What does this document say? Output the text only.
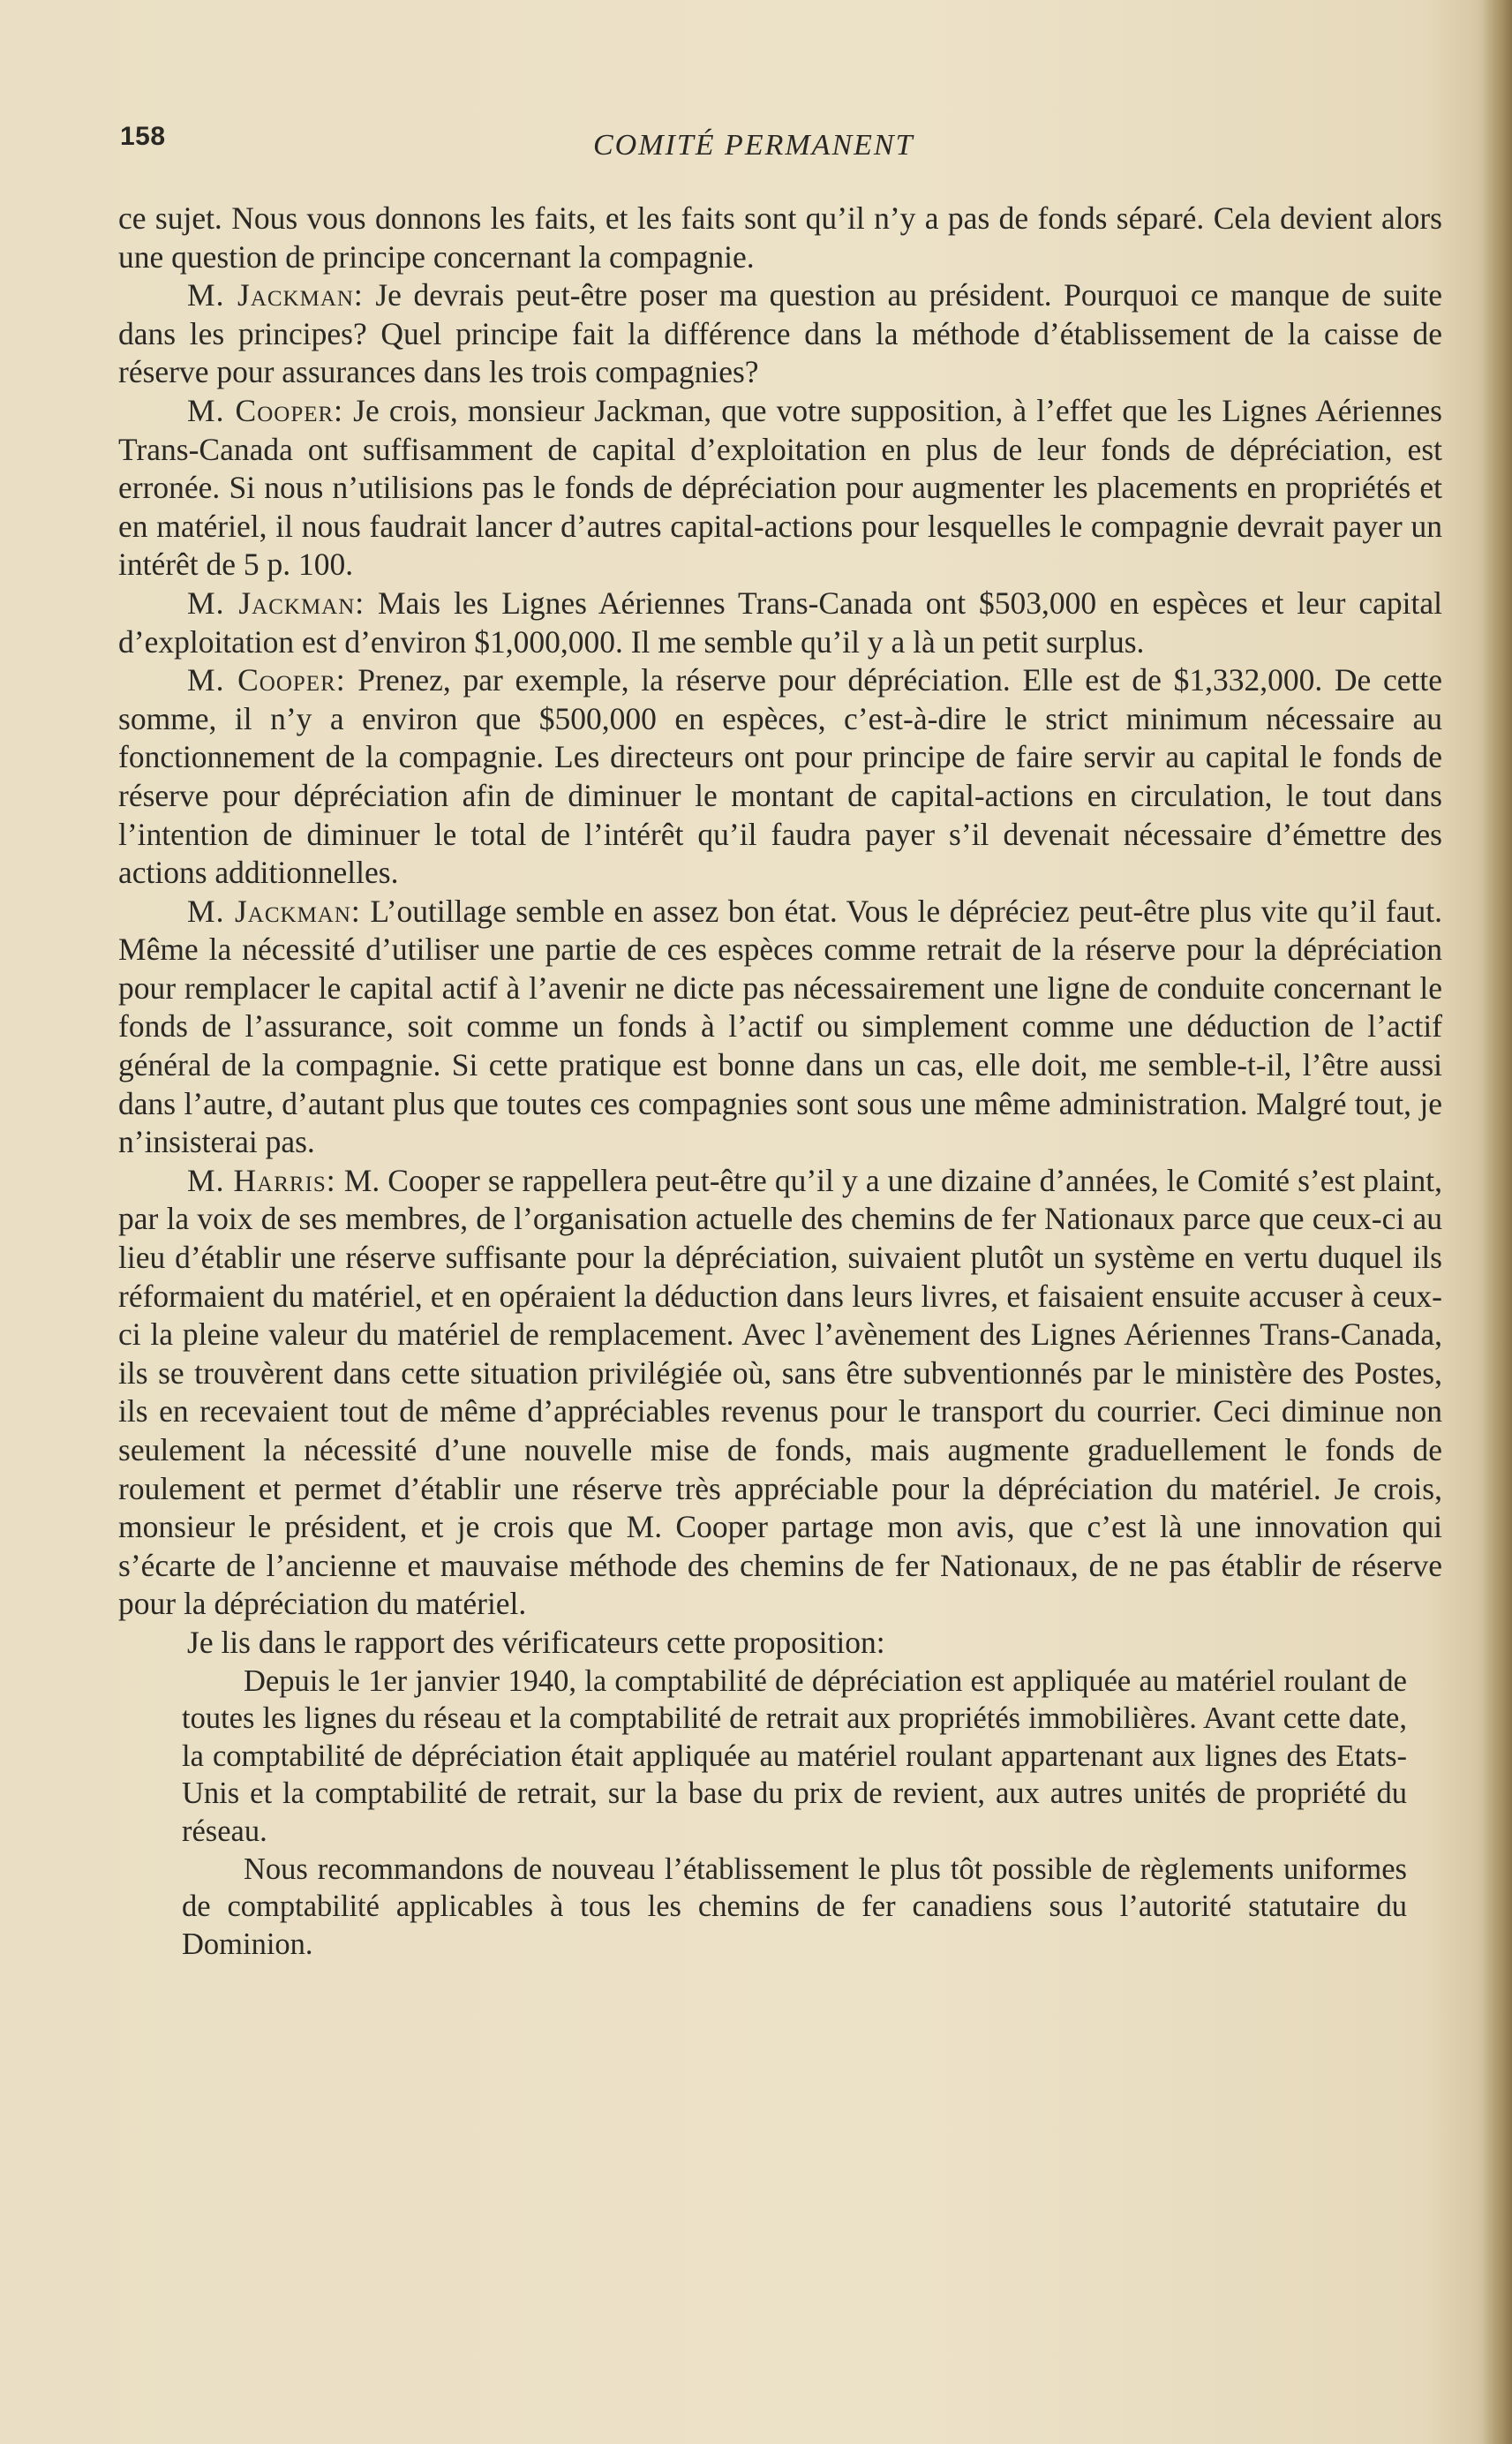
158	COMITÉ PERMANENT

ce sujet. Nous vous donnons les faits, et les faits sont qu’il n’y a pas de fonds séparé. Cela devient alors une question de principe concernant la compagnie.

M. Jackman: Je devrais peut-être poser ma question au président. Pourquoi ce manque de suite dans les principes? Quel principe fait la différence dans la méthode d’établissement de la caisse de réserve pour assurances dans les trois compagnies?

M. Cooper: Je crois, monsieur Jackman, que votre supposition, à l’effet que les Lignes Aériennes Trans-Canada ont suffisamment de capital d’exploitation en plus de leur fonds de dépréciation, est erronée. Si nous n’utilisions pas le fonds de dépréciation pour augmenter les placements en propriétés et en matériel, il nous faudrait lancer d’autres capital-actions pour lesquelles le compagnie devrait payer un intérêt de 5 p. 100.

M. Jackman: Mais les Lignes Aériennes Trans-Canada ont $503,000 en espèces et leur capital d’exploitation est d’environ $1,000,000. Il me semble qu’il y a là un petit surplus.

M. Cooper: Prenez, par exemple, la réserve pour dépréciation. Elle est de $1,332,000. De cette somme, il n’y a environ que $500,000 en espèces, c’est-à-dire le strict minimum nécessaire au fonctionnement de la compagnie. Les directeurs ont pour principe de faire servir au capital le fonds de réserve pour dépréciation afin de diminuer le montant de capital-actions en circulation, le tout dans l’intention de diminuer le total de l’intérêt qu’il faudra payer s’il devenait nécessaire d’émettre des actions additionnelles.

M. Jackman: L’outillage semble en assez bon état. Vous le dépréciez peut-être plus vite qu’il faut. Même la nécessité d’utiliser une partie de ces espèces comme retrait de la réserve pour la dépréciation pour remplacer le capital actif à l’avenir ne dicte pas nécessairement une ligne de conduite concernant le fonds de l’assurance, soit comme un fonds à l’actif ou simplement comme une déduction de l’actif général de la compagnie. Si cette pratique est bonne dans un cas, elle doit, me semble-t-il, l’être aussi dans l’autre, d’autant plus que toutes ces compagnies sont sous une même administration. Malgré tout, je n’insisterai pas.

M. Harris: M. Cooper se rappellera peut-être qu’il y a une dizaine d’années, le Comité s’est plaint, par la voix de ses membres, de l’organisation actuelle des chemins de fer Nationaux parce que ceux-ci au lieu d’établir une réserve suffisante pour la dépréciation, suivaient plutôt un système en vertu duquel ils réformaient du matériel, et en opéraient la déduction dans leurs livres, et faisaient ensuite accuser à ceux-ci la pleine valeur du matériel de remplacement. Avec l’avènement des Lignes Aériennes Trans-Canada, ils se trouvèrent dans cette situation privilégiée où, sans être subventionnés par le ministère des Postes, ils en recevaient tout de même d’appréciables revenus pour le transport du courrier. Ceci diminue non seulement la nécessité d’une nouvelle mise de fonds, mais augmente graduellement le fonds de roulement et permet d’établir une réserve très appréciable pour la dépréciation du matériel. Je crois, monsieur le président, et je crois que M. Cooper partage mon avis, que c’est là une innovation qui s’écarte de l’ancienne et mauvaise méthode des chemins de fer Nationaux, de ne pas établir de réserve pour la dépréciation du matériel.

Je lis dans le rapport des vérificateurs cette proposition:

Depuis le 1er janvier 1940, la comptabilité de dépréciation est appliquée au matériel roulant de toutes les lignes du réseau et la comptabilité de retrait aux propriétés immobilières. Avant cette date, la comptabilité de dépréciation était appliquée au matériel roulant appartenant aux lignes des Etats-Unis et la comptabilité de retrait, sur la base du prix de revient, aux autres unités de propriété du réseau.

Nous recommandons de nouveau l’établissement le plus tôt possible de règlements uniformes de comptabilité applicables à tous les chemins de fer canadiens sous l’autorité statutaire du Dominion.
